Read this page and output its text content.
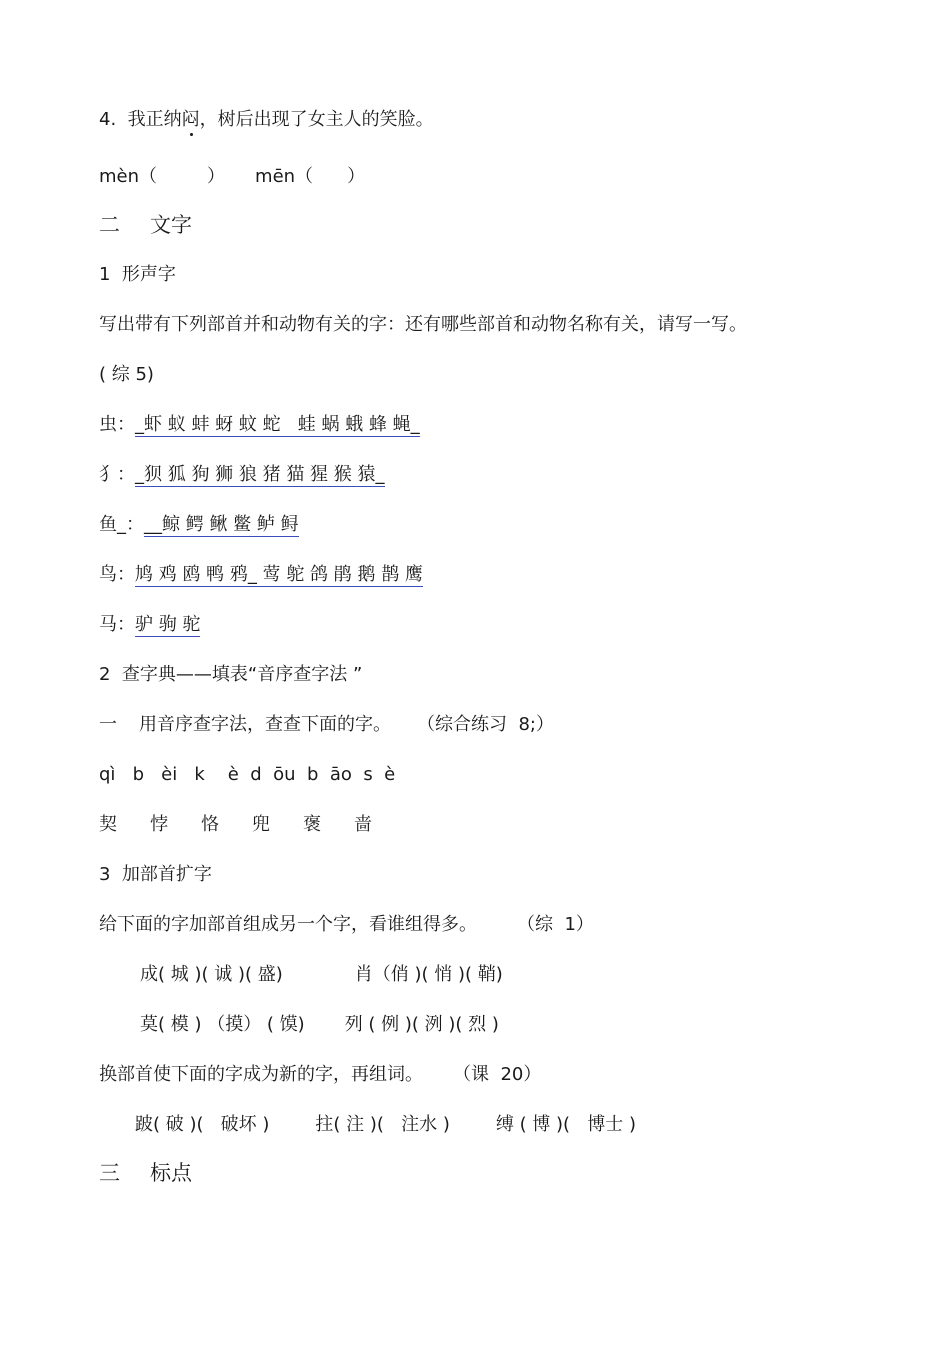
4. 我正纳闷，树后出现了女主人的笑脸。
mèn（	） mēn（ ）
二 文字
1  形声字
写出带有下列部首并和动物有关的字：还有哪些部首和动物名称有关，请写一写。
( 综 5)
虫：_虾 蚁 蚌 蚜 蚊 蛇   蛙 蜗 蛾 蜂 蝇_
犭：_狈 狐 狗 狮 狼 猪 猫 猩 猴 猿_
鱼_：__鲸 鳄 鳅 鳖 鲈 鲟
鸟：鸠 鸡 鸥 鸭 鸦_ 莺 鸵 鸽 鹃 鹅 鹊 鹰
马：驴 驹 驼
2  查字典——填表“音序查字法 ”
一 用音序查字法，查查下面的字。 （综合练习  8;）
qì   b   èi   k    è  d  ōu  b  āo  s  è
契 悖 恪 兜 褒 啬
3  加部首扩字
给下面的字加部首组成另一个字，看谁组得多。 （综  1）
成( 城 )( 诚 )( 盛)	肖（俏 )( 悄 )( 鞘)
莫( 模 ) （摸） ( 馍) 列 ( 例 )( 洌 )( 烈 )
换部首使下面的字成为新的字，再组词。 （课  20）
跛( 破 )(   破坏 )	拄( 注 )(   注水 )	缚 ( 博 )(   博士 )
三 标点
